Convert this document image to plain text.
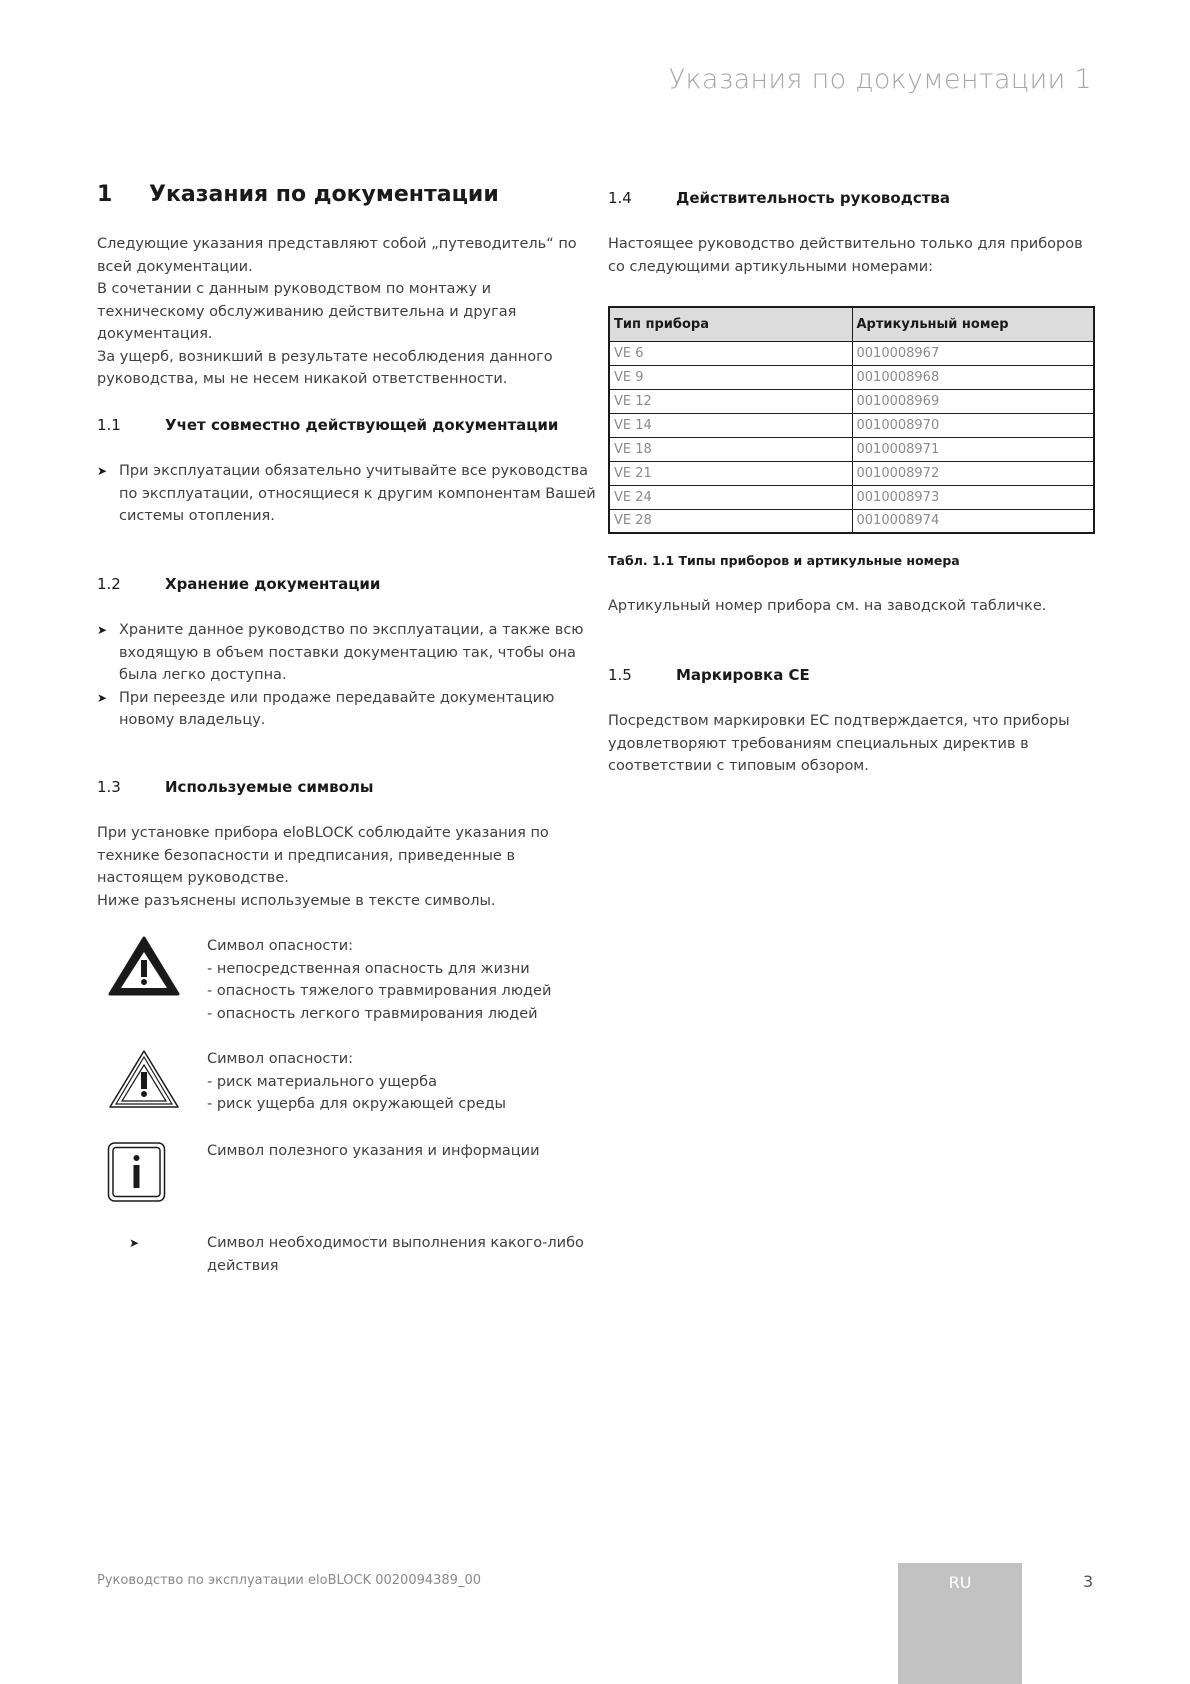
Указания по документации 1
1	Указания по документации
Следующие указания представляют собой „путеводитель“ по всей документации.
В сочетании с данным руководством по монтажу и техническому обслуживанию действительна и другая документация.
За ущерб, возникший в результате несоблюдения данного руководства, мы не несем никакой ответственности.
1.1	Учет совместно действующей документации
➤ При эксплуатации обязательно учитывайте все руководства по эксплуатации, относящиеся к другим компонентам Вашей системы отопления.
1.2	Хранение документации
➤ Храните данное руководство по эксплуатации, а также всю входящую в объем поставки документацию так, чтобы она была легко доступна.
➤ При переезде или продаже передавайте документацию новому владельцу.
1.3	Используемые символы
При установке прибора eloBLOCK соблюдайте указания по технике безопасности и предписания, приведенные в настоящем руководстве.
Ниже разъяснены используемые в тексте символы.
Символ опасности:
- непосредственная опасность для жизни
- опасность тяжелого травмирования людей
- опасность легкого травмирования людей
Символ опасности:
- риск материального ущерба
- риск ущерба для окружающей среды
Символ полезного указания и информации
➤	Символ необходимости выполнения какого-либо действия
1.4	Действительность руководства
Настоящее руководство действительно только для приборов со следующими артикульными номерами:
Тип прибора	Артикульный номер
VE 6	0010008967
VE 9	0010008968
VE 12	0010008969
VE 14	0010008970
VE 18	0010008971
VE 21	0010008972
VE 24	0010008973
VE 28	0010008974
Табл. 1.1 Типы приборов и артикульные номера
Артикульный номер прибора см. на заводской табличке.
1.5	Маркировка CE
Посредством маркировки EC подтверждается, что приборы удовлетворяют требованиям специальных директив в соответствии с типовым обзором.
Руководство по эксплуатации eloBLOCK 0020094389_00	RU	3
